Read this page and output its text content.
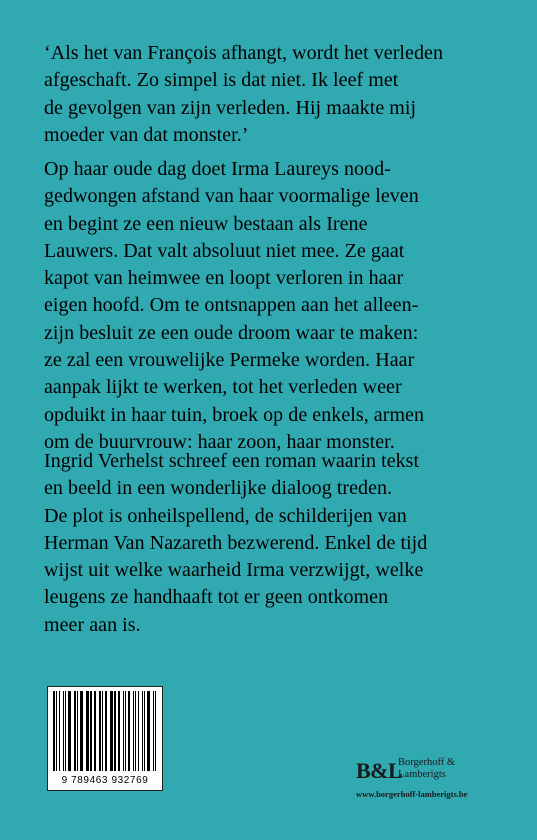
‘Als het van François afhangt, wordt het verleden
afgeschaft. Zo simpel is dat niet. Ik leef met
de gevolgen van zijn verleden. Hij maakte mij
moeder van dat monster.’
Op haar oude dag doet Irma Laureys nood-
gedwongen afstand van haar voormalige leven
en begint ze een nieuw bestaan als Irene
Lauwers. Dat valt absoluut niet mee. Ze gaat
kapot van heimwee en loopt verloren in haar
eigen hoofd. Om te ontsnappen aan het alleen-
zijn besluit ze een oude droom waar te maken:
ze zal een vrouwelijke Permeke worden. Haar
aanpak lijkt te werken, tot het verleden weer
opduikt in haar tuin, broek op de enkels, armen
om de buurvrouw: haar zoon, haar monster.
Ingrid Verhelst schreef een roman waarin tekst
en beeld in een wonderlijke dialoog treden.
De plot is onheilspellend, de schilderijen van
Herman Van Nazareth bezwerend. Enkel de tijd
wijst uit welke waarheid Irma verzwijgt, welke
leugens ze handhaaft tot er geen ontkomen
meer aan is.
9 789463 932769	B&L
Borgerhoff &
Lamberigts
www.borgerhoff-lamberigts.be
